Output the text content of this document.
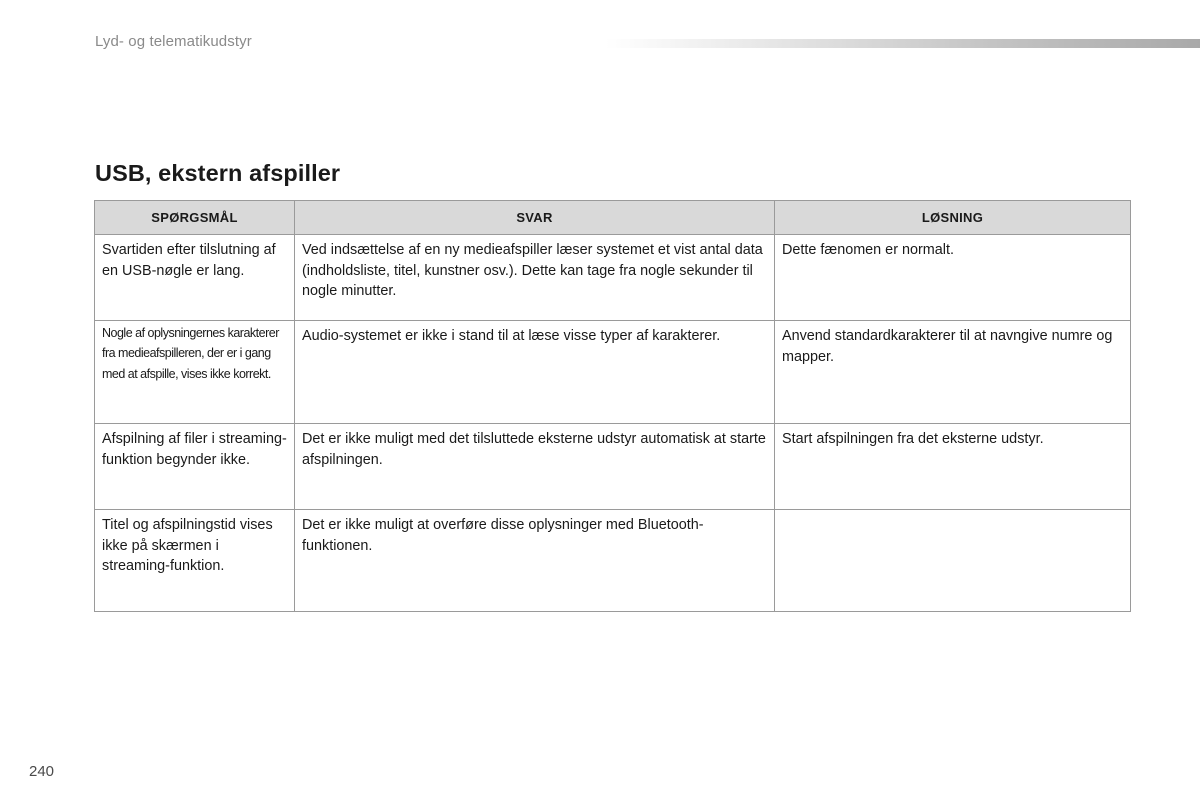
Lyd- og telematikudstyr
USB, ekstern afspiller
SPØRGSMÅL	SVAR	LØSNING
Svartiden efter tilslutning af en USB-nøgle er lang.	Ved indsættelse af en ny medieafspiller læser systemet et vist antal data (indholdsliste, titel, kunstner osv.). Dette kan tage fra nogle sekunder til nogle minutter.	Dette fænomen er normalt.
Nogle af oplysningernes karakterer fra medieafspilleren, der er i gang med at afspille, vises ikke korrekt.	Audio-systemet er ikke i stand til at læse visse typer af karakterer.	Anvend standardkarakterer til at navngive numre og mapper.
Afspilning af filer i streaming-funktion begynder ikke.	Det er ikke muligt med det tilsluttede eksterne udstyr automatisk at starte afspilningen.	Start afspilningen fra det eksterne udstyr.
Titel og afspilningstid vises ikke på skærmen i streaming-funktion.	Det er ikke muligt at overføre disse oplysninger med Bluetooth-funktionen.	
240
